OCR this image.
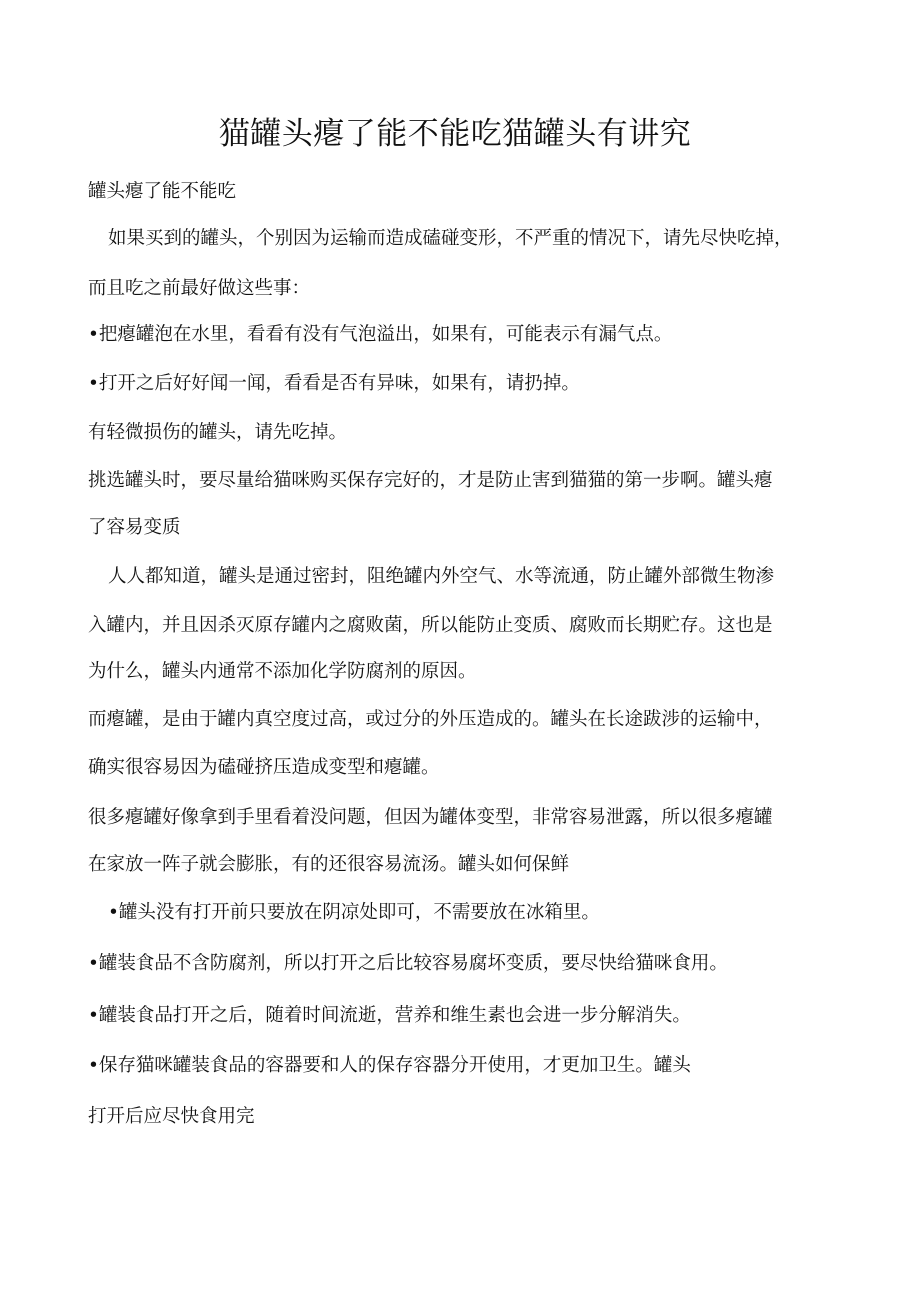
猫罐头瘪了能不能吃猫罐头有讲究

罐头瘪了能不能吃

如果买到的罐头，个别因为运输而造成磕碰变形，不严重的情况下，请先尽快吃掉，

而且吃之前最好做这些事：

•把瘪罐泡在水里，看看有没有气泡溢出，如果有，可能表示有漏气点。

•打开之后好好闻一闻，看看是否有异味，如果有，请扔掉。

有轻微损伤的罐头，请先吃掉。

挑选罐头时，要尽量给猫咪购买保存完好的，才是防止害到猫猫的第一步啊。罐头瘪

了容易变质

人人都知道，罐头是通过密封，阻绝罐内外空气、水等流通，防止罐外部微生物渗

入罐内，并且因杀灭原存罐内之腐败菌，所以能防止变质、腐败而长期贮存。这也是

为什么，罐头内通常不添加化学防腐剂的原因。

而瘪罐，是由于罐内真空度过高，或过分的外压造成的。罐头在长途跋涉的运输中，

确实很容易因为磕碰挤压造成变型和瘪罐。

很多瘪罐好像拿到手里看着没问题，但因为罐体变型，非常容易泄露，所以很多瘪罐

在家放一阵子就会膨胀，有的还很容易流汤。罐头如何保鲜

•罐头没有打开前只要放在阴凉处即可，不需要放在冰箱里。

•罐装食品不含防腐剂，所以打开之后比较容易腐坏变质，要尽快给猫咪食用。

•罐装食品打开之后，随着时间流逝，营养和维生素也会进一步分解消失。

•保存猫咪罐装食品的容器要和人的保存容器分开使用，才更加卫生。罐头

打开后应尽快食用完
